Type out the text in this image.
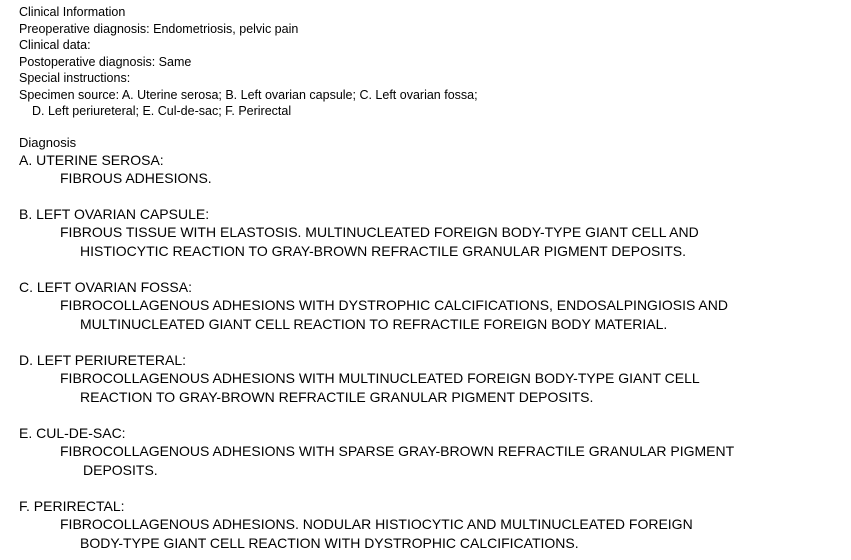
Clinical Information
Preoperative diagnosis: Endometriosis, pelvic pain
Clinical data:
Postoperative diagnosis: Same
Special instructions:
Specimen source: A. Uterine serosa; B. Left ovarian capsule; C. Left ovarian fossa;
D. Left periureteral; E. Cul-de-sac; F. Perirectal
Diagnosis
A. UTERINE SEROSA:
FIBROUS ADHESIONS.
B. LEFT OVARIAN CAPSULE:
FIBROUS TISSUE WITH ELASTOSIS. MULTINUCLEATED FOREIGN BODY-TYPE GIANT CELL AND
HISTIOCYTIC REACTION TO GRAY-BROWN REFRACTILE GRANULAR PIGMENT DEPOSITS.
C. LEFT OVARIAN FOSSA:
FIBROCOLLAGENOUS ADHESIONS WITH DYSTROPHIC CALCIFICATIONS, ENDOSALPINGIOSIS AND
MULTINUCLEATED GIANT CELL REACTION TO REFRACTILE FOREIGN BODY MATERIAL.
D. LEFT PERIURETERAL:
FIBROCOLLAGENOUS ADHESIONS WITH MULTINUCLEATED FOREIGN BODY-TYPE GIANT CELL
REACTION TO GRAY-BROWN REFRACTILE GRANULAR PIGMENT DEPOSITS.
E. CUL-DE-SAC:
FIBROCOLLAGENOUS ADHESIONS WITH SPARSE GRAY-BROWN REFRACTILE GRANULAR PIGMENT
DEPOSITS.
F. PERIRECTAL:
FIBROCOLLAGENOUS ADHESIONS. NODULAR HISTIOCYTIC AND MULTINUCLEATED FOREIGN
BODY-TYPE GIANT CELL REACTION WITH DYSTROPHIC CALCIFICATIONS.
